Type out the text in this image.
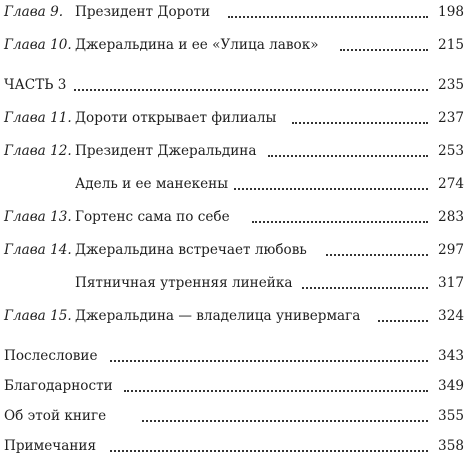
Глава 9. Президент Дороти	198
Глава 10. Джеральдина и ее «Улица лавок»	215
ЧАСТЬ 3	235
Глава 11. Дороти открывает филиалы	237
Глава 12. Президент Джеральдина	253
Адель и ее манекены	274
Глава 13. Гортенс сама по себе	283
Глава 14. Джеральдина встречает любовь	297
Пятничная утренняя линейка	317
Глава 15. Джеральдина — владелица универмага	324
Послесловие	343
Благодарности	349
Об этой книге	355
Примечания	358
